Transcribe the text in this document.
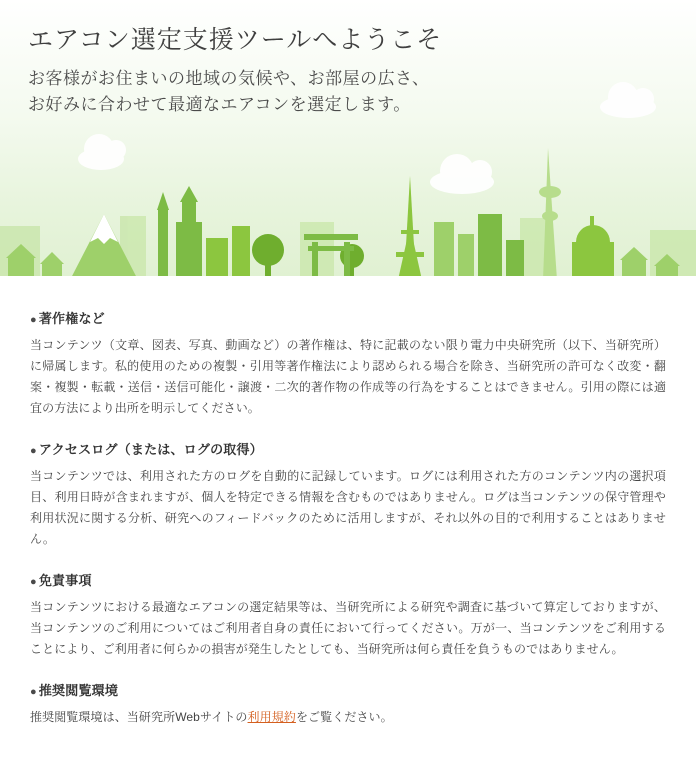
エアコン選定支援ツールへようこそ
お客様がお住まいの地域の気候や、お部屋の広さ、
お好みに合わせて最適なエアコンを選定します。
● 著作権など
当コンテンツ（文章、図表、写真、動画など）の著作権は、特に記載のない限り電力中央研究所（以下、当研究所）に帰属します。私的使用のための複製・引用等著作権法により認められる場合を除き、当研究所の許可なく改変・翻案・複製・転載・送信・送信可能化・譲渡・二次的著作物の作成等の行為をすることはできません。引用の際には適宜の方法により出所を明示してください。
● アクセスログ（または、ログの取得）
当コンテンツでは、利用された方のログを自動的に記録しています。ログには利用された方のコンテンツ内の選択項目、利用日時が含まれますが、個人を特定できる情報を含むものではありません。ログは当コンテンツの保守管理や利用状況に関する分析、研究へのフィードバックのために活用しますが、それ以外の目的で利用することはありません。
● 免責事項
当コンテンツにおける最適なエアコンの選定結果等は、当研究所による研究や調査に基づいて算定しておりますが、当コンテンツのご利用についてはご利用者自身の責任において行ってください。万が一、当コンテンツをご利用することにより、ご利用者に何らかの損害が発生したとしても、当研究所は何ら責任を負うものではありません。
● 推奨閲覧環境
推奨閲覧環境は、当研究所Webサイトの利用規約をご覧ください。
